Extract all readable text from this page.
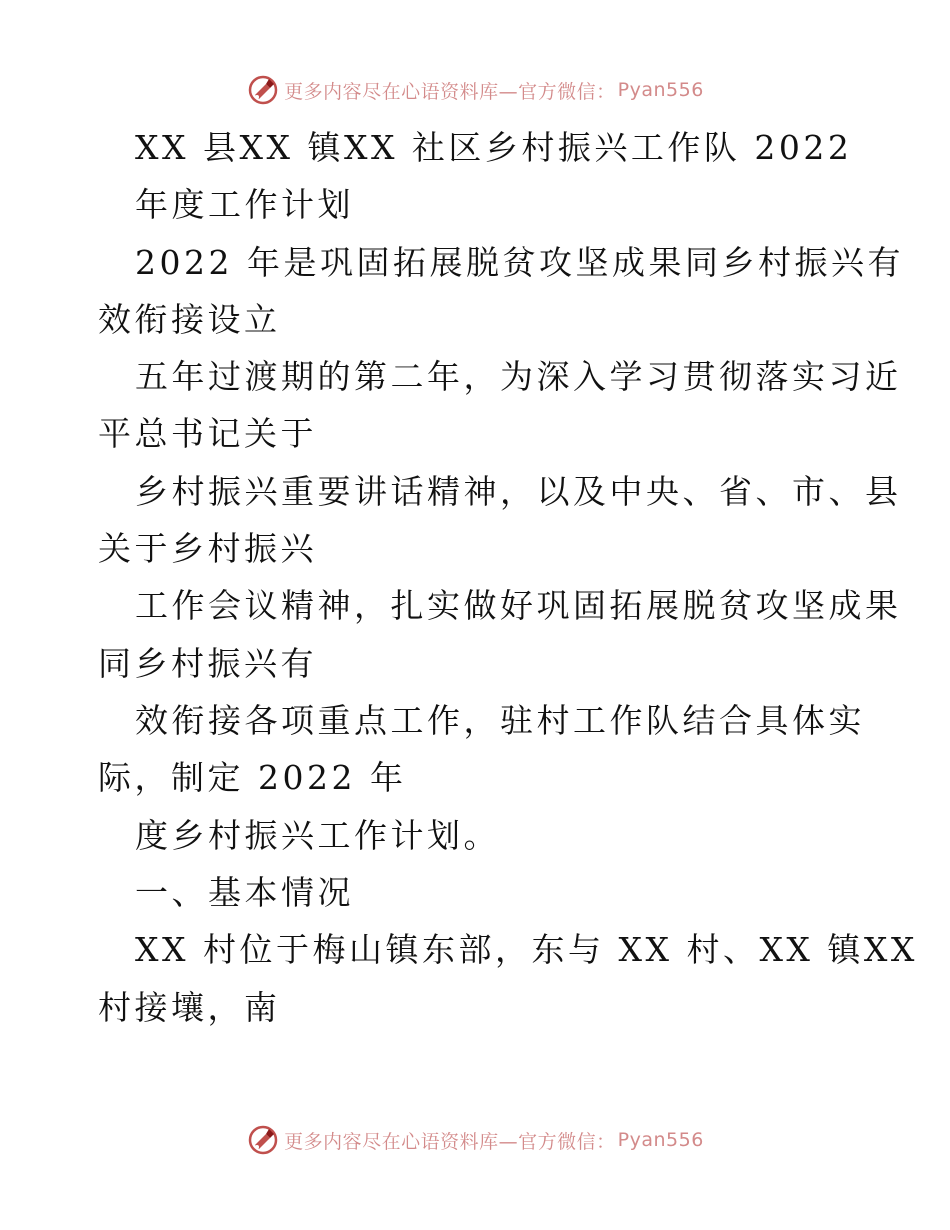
更多内容尽在心语资料库—官方微信： Pyan556
XX 县XX 镇XX 社区乡村振兴工作队 2022
年度工作计划
2022 年是巩固拓展脱贫攻坚成果同乡村振兴有
效衔接设立
五年过渡期的第二年，为深入学习贯彻落实习近
平总书记关于
乡村振兴重要讲话精神，以及中央、省、市、县
关于乡村振兴
工作会议精神，扎实做好巩固拓展脱贫攻坚成果
同乡村振兴有
效衔接各项重点工作，驻村工作队结合具体实
际，制定 2022 年
度乡村振兴工作计划。
一、基本情况
XX 村位于梅山镇东部，东与 XX 村、XX 镇XX
村接壤，南
更多内容尽在心语资料库—官方微信： Pyan556
